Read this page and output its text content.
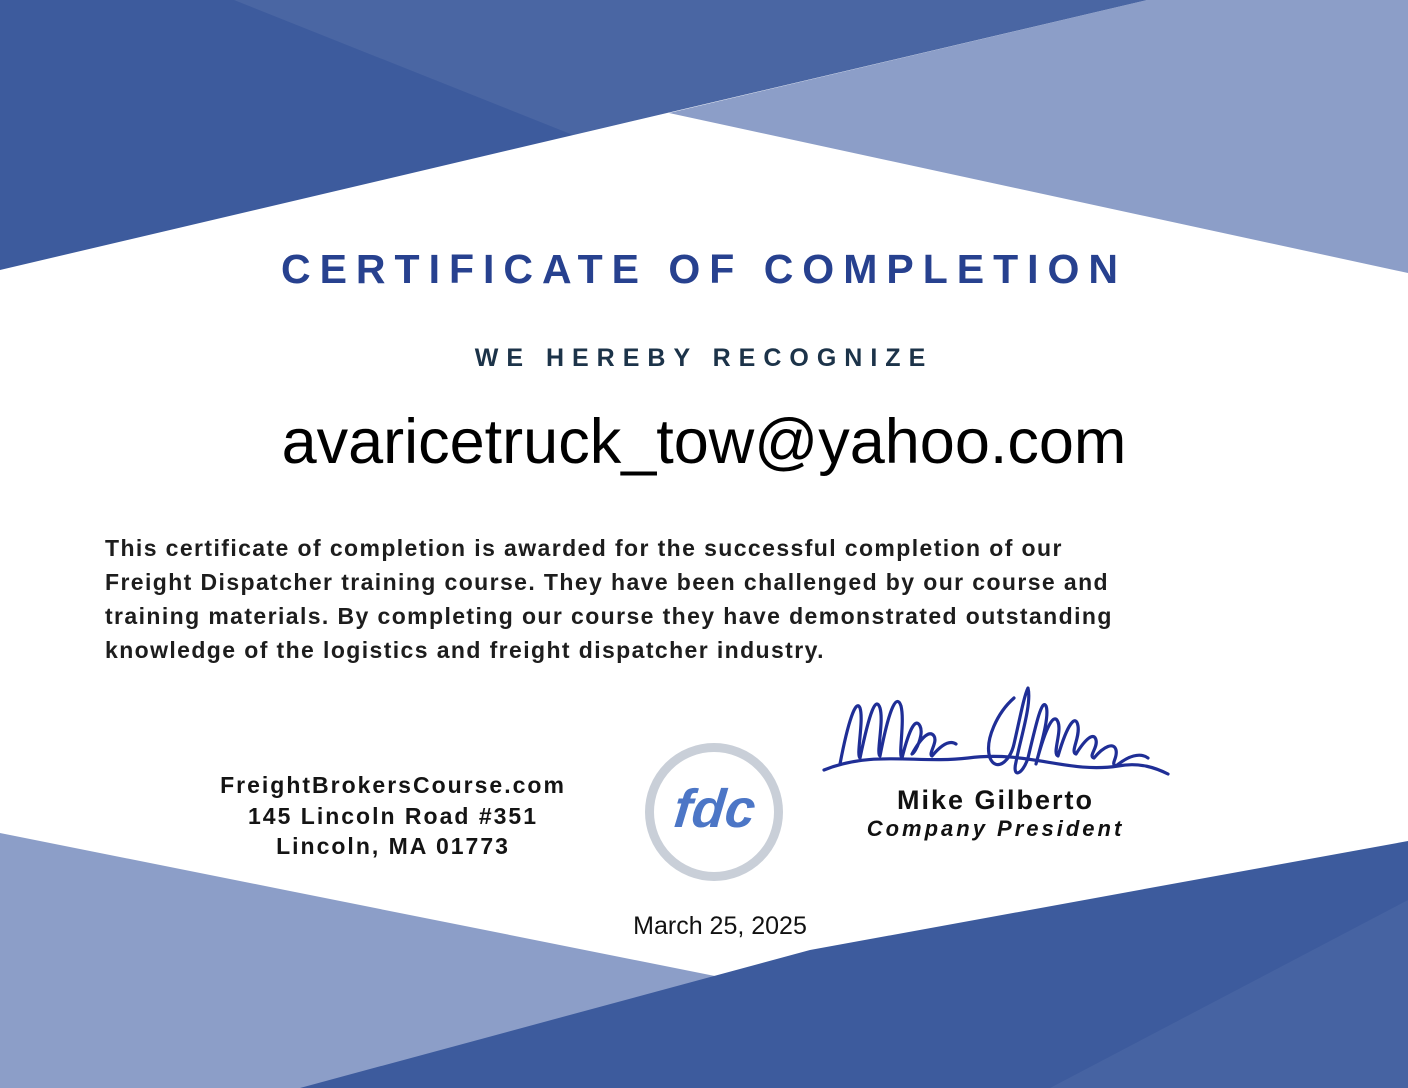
CERTIFICATE OF COMPLETION
WE HEREBY RECOGNIZE
avaricetruck_tow@yahoo.com
This certificate of completion is awarded for the successful completion of our
Freight Dispatcher training course. They have been challenged by our course and
training materials. By completing our course they have demonstrated outstanding
knowledge of the logistics and freight dispatcher industry.
FreightBrokersCourse.com
145 Lincoln Road #351
Lincoln, MA 01773
fdc	Mike Gilberto
Company President
March 25, 2025
